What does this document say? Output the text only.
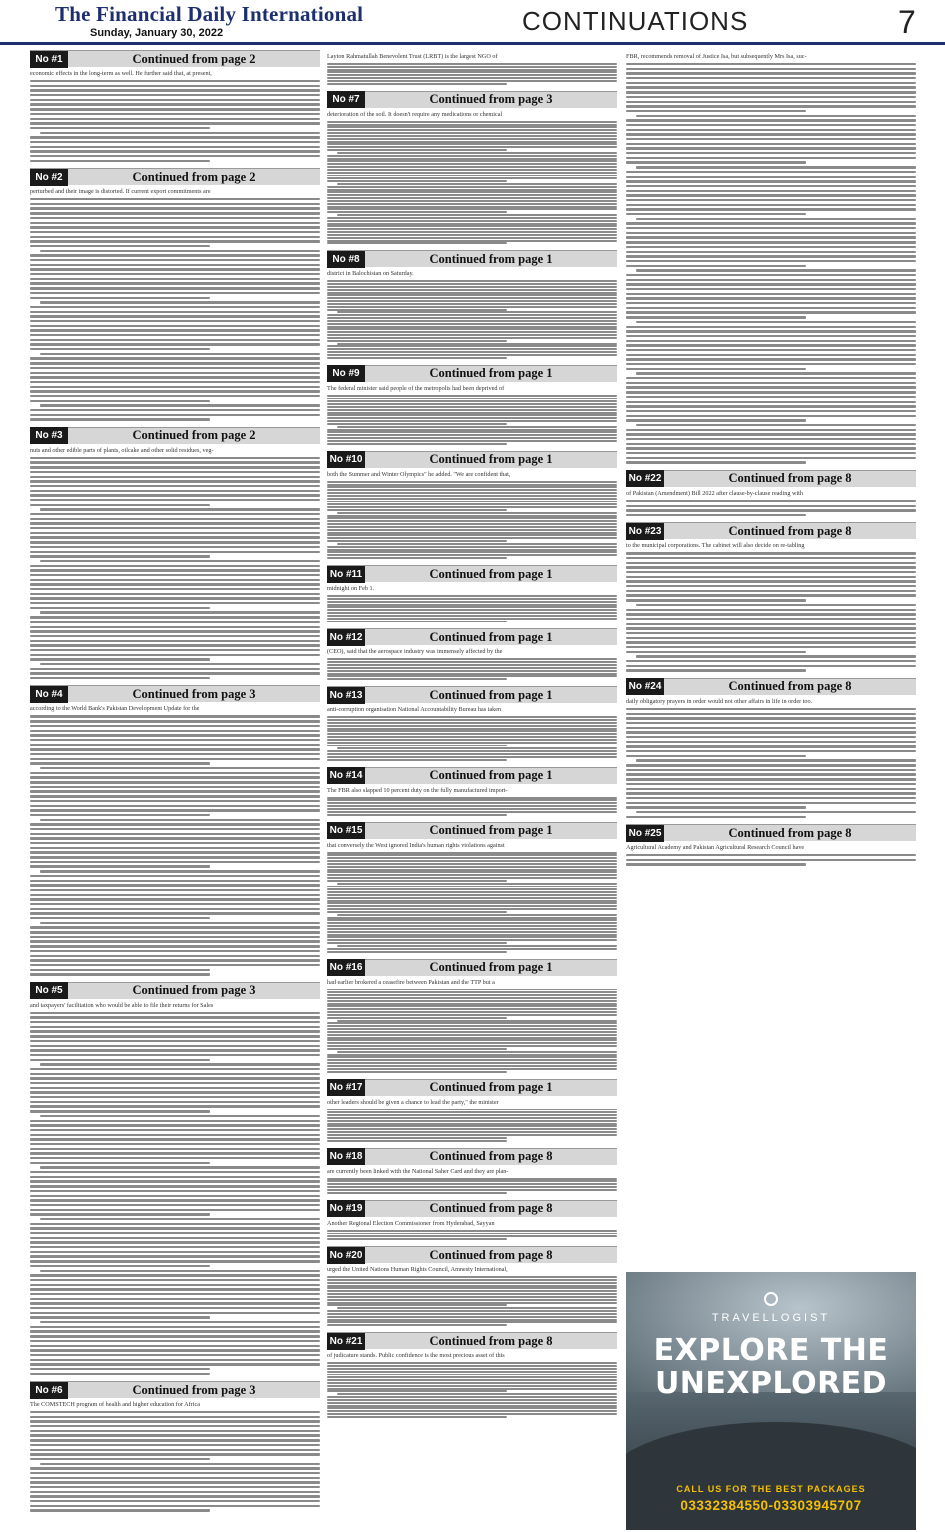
The Financial Daily International
Sunday, January 30, 2022	CONTINUATIONS	7
No #1	Continued from page 2
economic effects in the long-term as well. He further said that, at present,
No #2	Continued from page 2
perturbed and their image is distorted. If current export commitments are
No #3	Continued from page 2
nuts and other edible parts of plants, oilcake and other solid residues, veg-
No #4	Continued from page 3
according to the World Bank's Pakistan Development Update for the
No #5	Continued from page 3
and taxpayers' facilitation who would be able to file their returns for Sales
No #6	Continued from page 3
The COMSTECH program of health and higher education for Africa
Layton Rahmatullah Benevolent Trust (LRBT) is the largest NGO of
No #7	Continued from page 3
deterioration of the soil. It doesn't require any medications or chemical
No #8	Continued from page 1
district in Balochistan on Saturday.
No #9	Continued from page 1
The federal minister said people of the metropolis had been deprived of
No #10	Continued from page 1
both the Summer and Winter Olympics" he added. "We are confident that,
No #11	Continued from page 1
midnight on Feb 1.
No #12	Continued from page 1
(CEO), said that the aerospace industry was immensely affected by the
No #13	Continued from page 1
anti-corruption organisation National Accountability Bureau has taken
No #14	Continued from page 1
The FBR also slapped 10 percent duty on the fully manufactured import-
No #15	Continued from page 1
that conversely the West ignored India's human rights violations against
No #16	Continued from page 1
had earlier brokered a ceasefire between Pakistan and the TTP but a
No #17	Continued from page 1
other leaders should be given a chance to lead the party," the minister
No #18	Continued from page 8
are currently been linked with the National Saher Card and they are plan-
No #19	Continued from page 8
Another Regional Election Commissioner from Hyderabad, Sayyan
No #20	Continued from page 8
urged the United Nations Human Rights Council, Amnesty International,
No #21	Continued from page 8
of judicature stands. Public confidence is the most precious asset of this
FBR, recommends removal of Justice Isa, but subsequently Mrs Isa, suc-
No #22	Continued from page 8
of Pakistan (Amendment) Bill 2022 after clause-by-clause reading with
No #23	Continued from page 8
to the municipal corporations. The cabinet will also decide on re-tabling
No #24	Continued from page 8
daily obligatory prayers in order would not other affairs in life in order too.
No #25	Continued from page 8
Agricultural Academy and Pakistan Agricultural Research Council have
TRAVELLOGIST
EXPLORE THE
UNEXPLORED
CALL US FOR THE BEST PACKAGES
03332384550-03303945707
